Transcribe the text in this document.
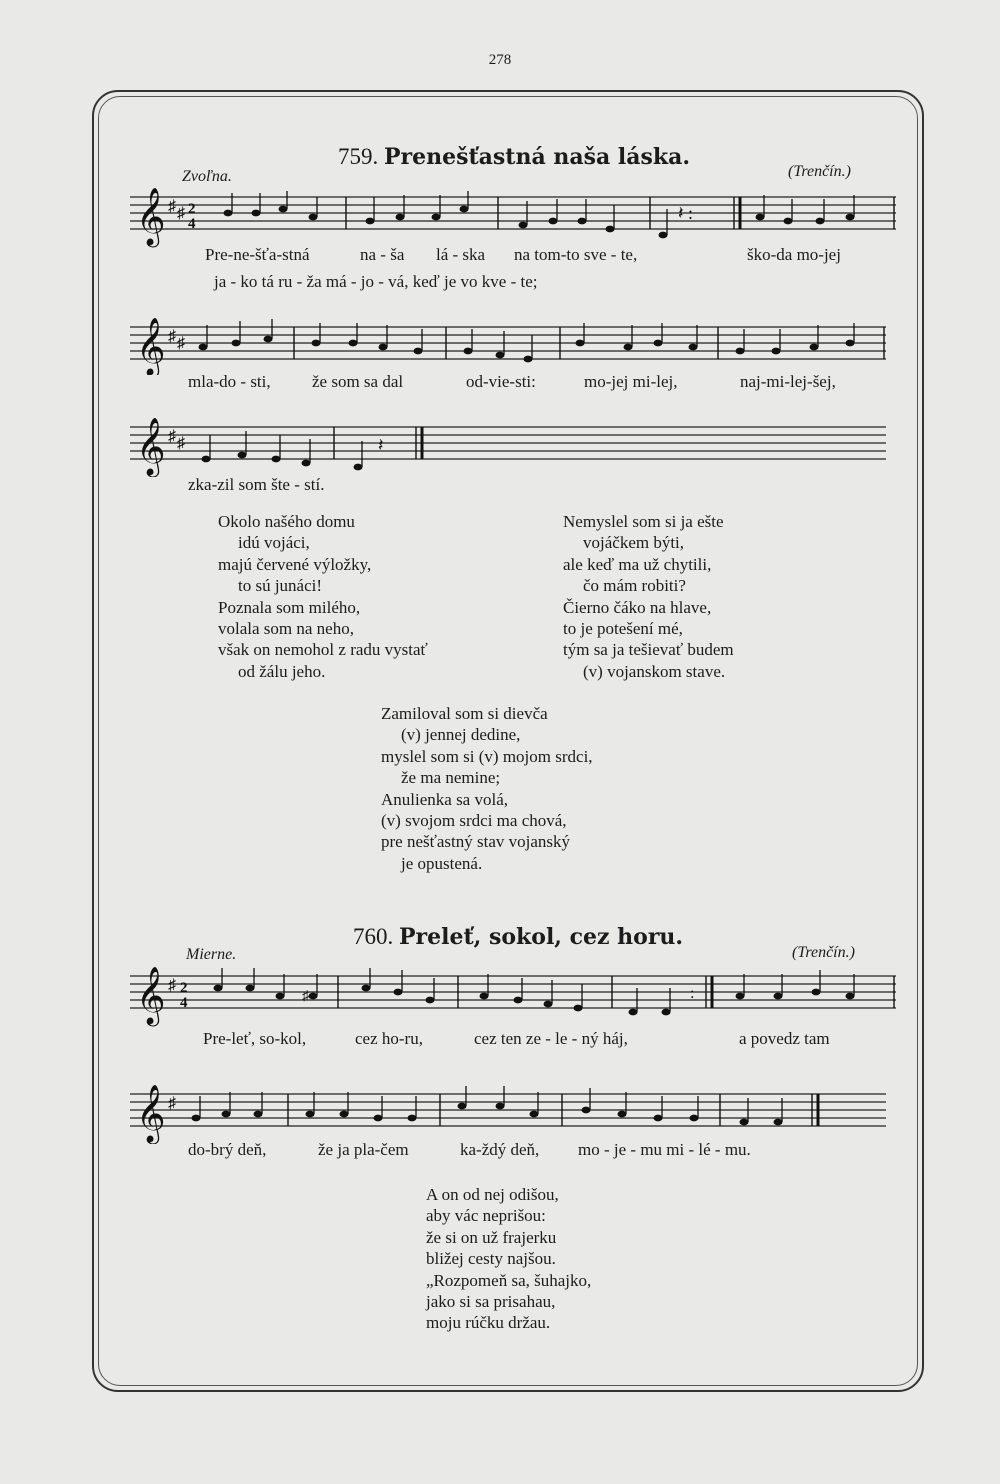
278
759. Prenešťastná naša láska.
Zvoľna.	(Trenčín.)
𝄞 ♯ ♯ 2
4
𝄽 :
Pre-ne-šťa-stná	na - ša lá - ska na tom-to sve - te,	ško-da mo-jej
ja - ko tá ru - ža má - jo - vá, keď je vo kve - te;
𝄞 ♯ ♯
mla-do - sti, že som sa dal	od-vie-sti:	mo-jej mi-lej,	naj-mi-lej-šej,
𝄞 ♯ ♯	𝄽
zka-zil som šte - stí.
Okolo našého domu
idú vojáci,
majú červené výložky,
to sú junáci!
Poznala som milého,
volala som na neho,
však on nemohol z radu vystať
od žálu jeho.
Nemyslel som si ja ešte
vojáčkem býti,
ale keď ma už chytili,
čo mám robiti?
Čierno čáko na hlave,
to je potešení mé,
tým sa ja tešievať budem
(v) vojanskom stave.
Zamiloval som si dievča
(v) jennej dedine,
myslel som si (v) mojom srdci,
že ma nemine;
Anulienka sa volá,
(v) svojom srdci ma chová,
pre nešťastný stav vojanský
je opustená.
760. Preleť, sokol, cez horu.
Mierne.	(Trenčín.)
𝄞 ♯ 2
4	♯	:
Pre-leť, so-kol,	cez ho-ru,	cez ten ze - le - ný háj,	a povedz tam
𝄞 ♯
do-brý deň,	že ja pla-čem	ka-ždý deň, mo - je - mu mi - lé - mu.
A on od nej odišou,
aby vác neprišou:
že si on už frajerku
bližej cesty najšou.
„Rozpomeň sa, šuhajko,
jako si sa prisahau,
moju rúčku držau.
